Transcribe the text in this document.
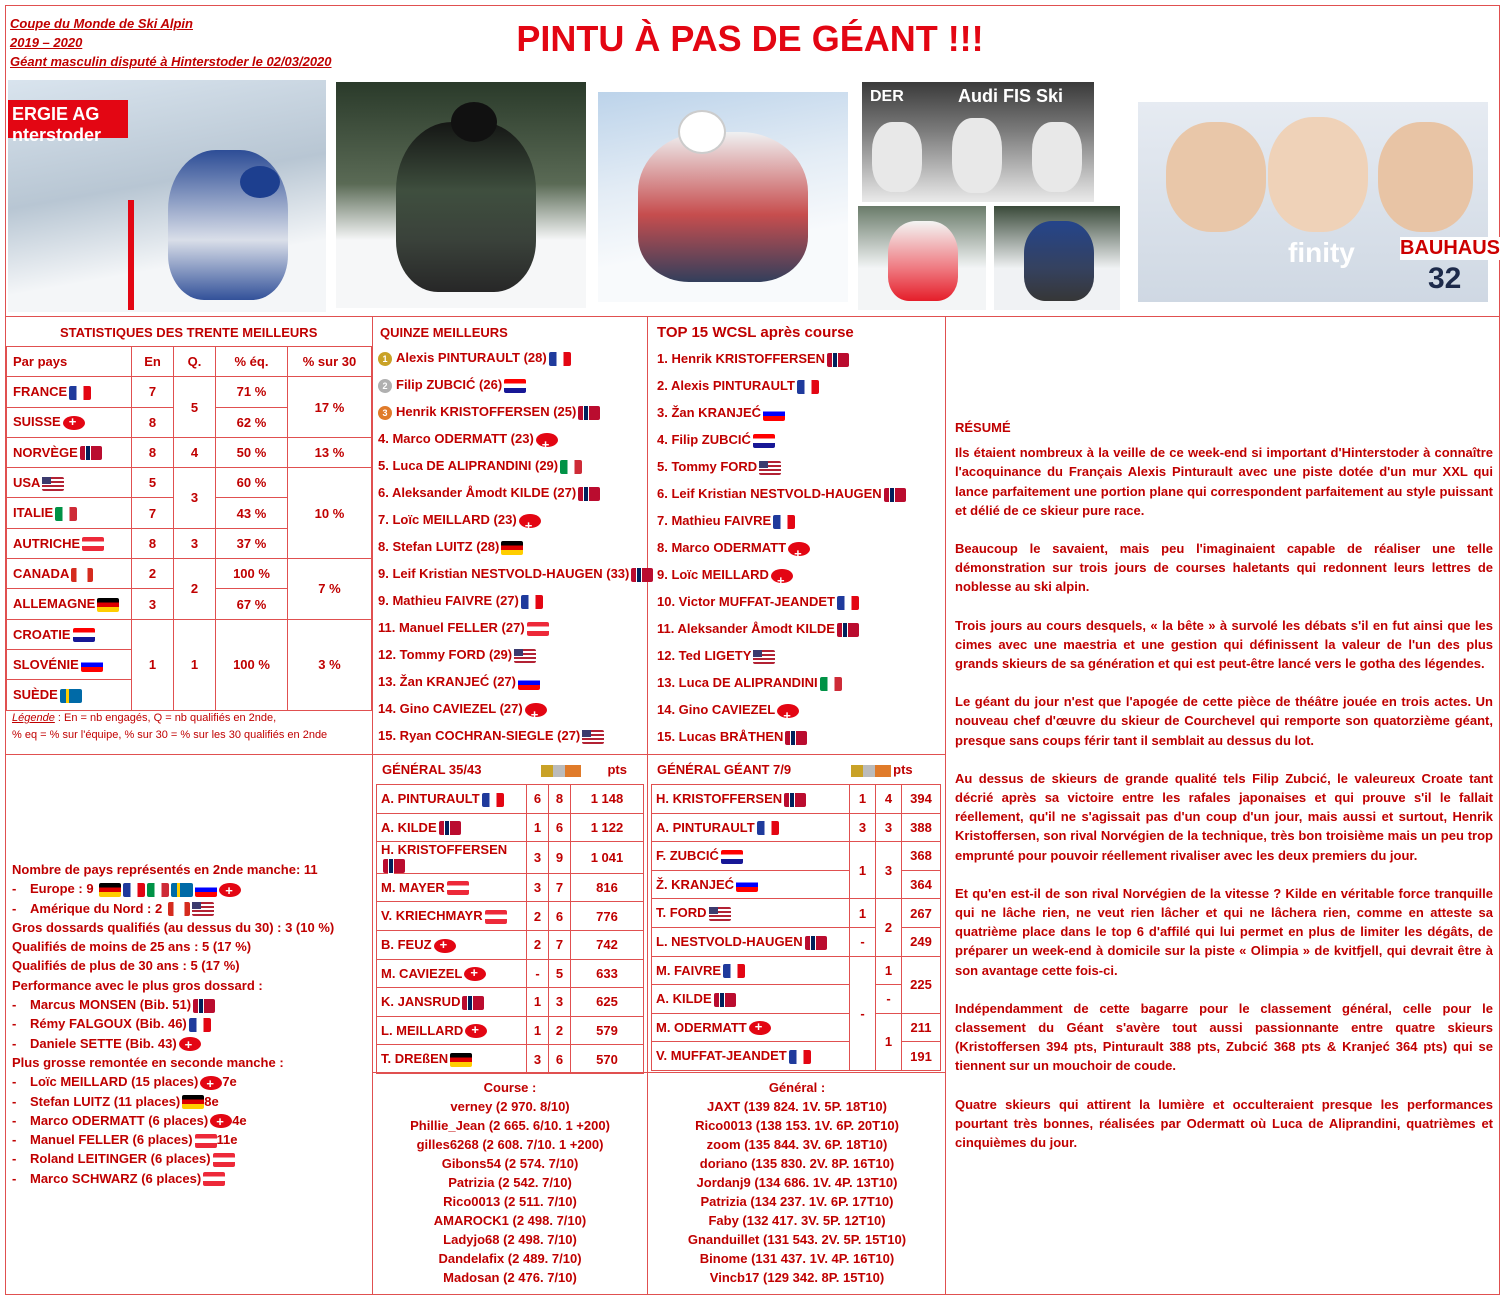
Coupe du Monde de Ski Alpin
2019 – 2020
Géant masculin disputé à Hinterstoder le 02/03/2020
PINTU À PAS DE GÉANT !!!
ERGIE AG
nterstoder
DER	Audi FIS Ski
finity BAUHAUS
32
STATISTIQUES DES TRENTE MEILLEURS
Par pays	En	Q.	% éq.	% sur 30
FRANCE	7	5	71 %	17 %
SUISSE+	8		62 %	
NORVÈGE	8	4	50 %	13 %
USA	5	3	60 %	10 %
ITALIE	7		43 %	
AUTRICHE	8	3	37 %	
CANADA	2	2	100 %	7 %
ALLEMAGNE	3		67 %	
CROATIE	1	1	100 %	3 %
SLOVÉNIE				
SUÈDE				
Légende : En = nb engagés, Q = nb qualifiés en 2nde,
% eq = % sur l'équipe, % sur 30 = % sur les 30 qualifiés en 2nde
QUINZE MEILLEURS
1 Alexis PINTURAULT (28)
2 Filip ZUBCIĆ (26)
3 Henrik KRISTOFFERSEN (25)
4. Marco ODERMATT (23)+
5. Luca DE ALIPRANDINI (29)
6. Aleksander Åmodt KILDE (27)
7. Loïc MEILLARD (23)+
8. Stefan LUITZ (28)
9. Leif Kristian NESTVOLD-HAUGEN (33)
9. Mathieu FAIVRE (27)
11. Manuel FELLER (27)
12. Tommy FORD (29)
13. Žan KRANJEĆ (27)
14. Gino CAVIEZEL (27)+
15. Ryan COCHRAN-SIEGLE (27)
TOP 15 WCSL après course
1. Henrik KRISTOFFERSEN
2. Alexis PINTURAULT
3. Žan KRANJEĆ
4. Filip ZUBCIĆ
5. Tommy FORD
6. Leif Kristian NESTVOLD-HAUGEN
7. Mathieu FAIVRE
8. Marco ODERMATT+
9. Loïc MEILLARD+
10. Victor MUFFAT-JEANDET
11. Aleksander Åmodt KILDE
12. Ted LIGETY
13. Luca DE ALIPRANDINI
14. Gino CAVIEZEL+
15. Lucas BRÅTHEN
GÉNÉRAL 35/43	pts
A. PINTURAULT	6	8	1 148
A. KILDE	1	6	1 122
H. KRISTOFFERSEN	3	9	1 041
M. MAYER	3	7	816
V. KRIECHMAYR	2	6	776
B. FEUZ+	2	7	742
M. CAVIEZEL+	-	5	633
K. JANSRUD	1	3	625
L. MEILLARD+	1	2	579
T. DREßEN	3	6	570
GÉNÉRAL GÉANT 7/9	pts
H. KRISTOFFERSEN	1	4	394
A. PINTURAULT	3	3	388
F. ZUBCIĆ	1	3	368
Ž. KRANJEĆ			364
T. FORD	1	2	267
L. NESTVOLD-HAUGEN	-		249
M. FAIVRE	-	1	225
A. KILDE		-	
M. ODERMATT+		1	211
V. MUFFAT-JEANDET			191
Nombre de pays représentés en 2nde manche: 11
- Europe : 9 +
- Amérique du Nord : 2
Gros dossards qualifiés (au dessus du 30) : 3 (10 %)
Qualifiés de moins de 25 ans : 5 (17 %)
Qualifiés de plus de 30 ans : 5 (17 %)
Performance avec le plus gros dossard :
- Marcus MONSEN (Bib. 51)
- Rémy FALGOUX (Bib. 46)
- Daniele SETTE (Bib. 43)+
Plus grosse remontée en seconde manche :
- Loïc MEILLARD (15 places) + 7e
- Stefan LUITZ (11 places) 8e
- Marco ODERMATT (6 places) + 4e
- Manuel FELLER (6 places) 11e
- Roland LEITINGER (6 places)
- Marco SCHWARZ (6 places)
Course :
verney (2 970. 8/10)
Phillie_Jean (2 665. 6/10. 1 +200)
gilles6268 (2 608. 7/10. 1 +200)
Gibons54 (2 574. 7/10)
Patrizia (2 542. 7/10)
Rico0013 (2 511. 7/10)
AMAROCK1 (2 498. 7/10)
Ladyjo68 (2 498. 7/10)
Dandelafix (2 489. 7/10)
Madosan (2 476. 7/10)
Général :
JAXT (139 824. 1V. 5P. 18T10)
Rico0013 (138 153. 1V. 6P. 20T10)
zoom (135 844. 3V. 6P. 18T10)
doriano (135 830. 2V. 8P. 16T10)
Jordanj9 (134 686. 1V. 4P. 13T10)
Patrizia (134 237. 1V. 6P. 17T10)
Faby (132 417. 3V. 5P. 12T10)
Gnanduillet (131 543. 2V. 5P. 15T10)
Binome (131 437. 1V. 4P. 16T10)
Vincb17 (129 342. 8P. 15T10)

RÉSUMÉ

Ils étaient nombreux à la veille de ce week-end si important d'Hinterstoder à connaître l'acoquinance du Français Alexis Pinturault avec une piste dotée d'un mur XXL qui lance parfaitement une portion plane qui correspondent parfaitement au style puissant et délié de ce skieur pure race.

Beaucoup le savaient, mais peu l'imaginaient capable de réaliser une telle démonstration sur trois jours de courses haletants qui redonnent leurs lettres de noblesse au ski alpin.

Trois jours au cours desquels, « la bête » à survolé les débats s'il en fut ainsi que les cimes avec une maestria et une gestion qui définissent la valeur de l'un des plus grands skieurs de sa génération et qui est peut-être lancé vers le gotha des légendes.

Le géant du jour n'est que l'apogée de cette pièce de théâtre jouée en trois actes. Un nouveau chef d'œuvre du skieur de Courchevel qui remporte son quatorzième géant, presque sans coups férir tant il semblait au dessus du lot.

Au dessus de skieurs de grande qualité tels Filip Zubcić, le valeureux Croate tant décrié après sa victoire entre les rafales japonaises et qui prouve s'il le fallait réellement, qu'il ne s'agissait pas d'un coup d'un jour, mais aussi et surtout, Henrik Kristoffersen, son rival Norvégien de la technique, très bon troisième mais un peu trop emprunté pour pouvoir réellement rivaliser avec les deux premiers du jour.

Et qu'en est-il de son rival Norvégien de la vitesse ? Kilde en véritable force tranquille qui ne lâche rien, ne veut rien lâcher et qui ne lâchera rien, comme en atteste sa quatrième place dans le top 6 d'affilé qui lui permet en plus de limiter les dégâts, de préparer un week-end à domicile sur la piste « Olimpia » de kvitfjell, qui devrait être à son avantage cette fois-ci.

Indépendamment de cette bagarre pour le classement général, celle pour le classement du Géant s'avère tout aussi passionnante entre quatre skieurs (Kristoffersen 394 pts, Pinturault 388 pts, Zubcić 368 pts & Kranjeć 364 pts) qui se tiennent sur un mouchoir de coude.

Quatre skieurs qui attirent la lumière et occulteraient presque les performances pourtant très bonnes, réalisées par Odermatt où Luca de Aliprandini, quatrièmes et cinquièmes du jour.
